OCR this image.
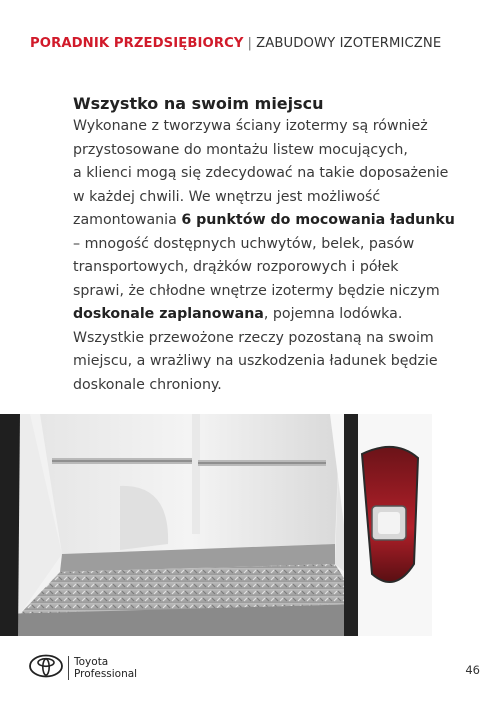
PORADNIK PRZEDSIĘBIORCY | ZABUDOWY IZOTERMICZNE
Wszystko na swoim miejscu
Wykonane z tworzywa ściany izotermy są również
przystosowane do montażu listew mocujących,
a klienci mogą się zdecydować na takie doposażenie
w każdej chwili. We wnętrzu jest możliwość
zamontowania 6 punktów do mocowania ładunku
– mnogość dostępnych uchwytów, belek, pasów
transportowych, drążków rozporowych i półek
sprawi, że chłodne wnętrze izotermy będzie niczym
doskonale zaplanowana, pojemna lodówka.
Wszystkie przewożone rzeczy pozostaną na swoim
miejscu, a wrażliwy na uszkodzenia ładunek będzie
doskonale chroniony.
Toyota
Professional	46
